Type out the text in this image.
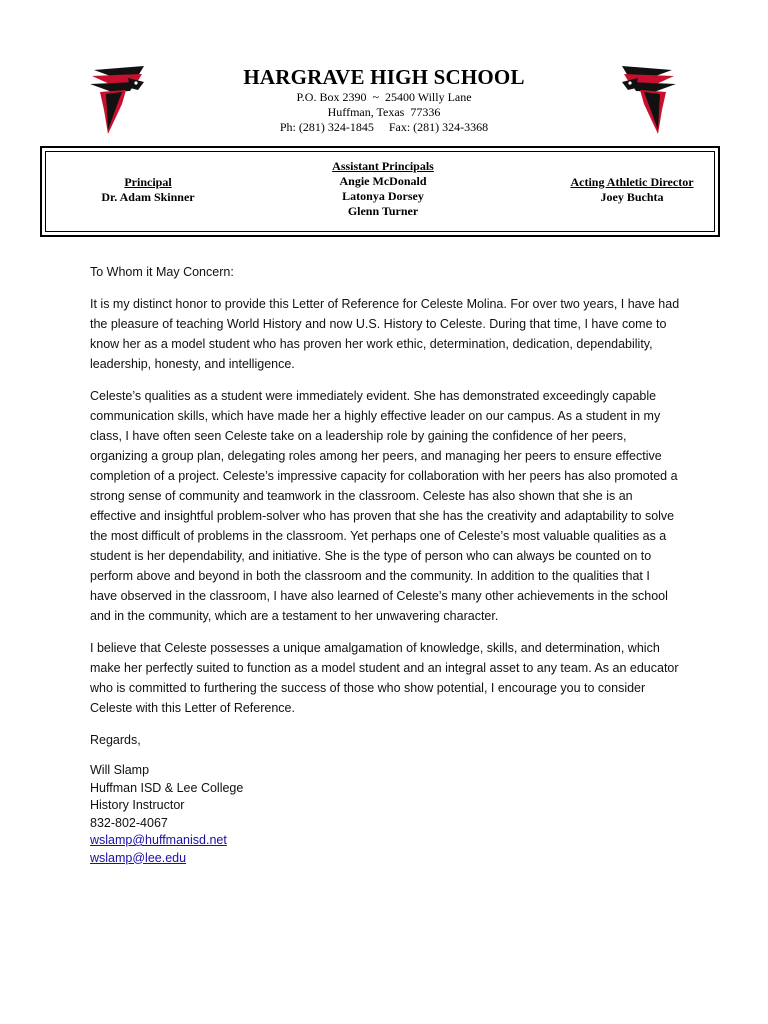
HARGRAVE HIGH SCHOOL
P.O. Box 2390  ~  25400 Willy Lane
Huffman, Texas  77336
Ph: (281) 324-1845     Fax: (281) 324-3368
Principal
Dr. Adam Skinner
Assistant Principals
Angie McDonald
Latonya Dorsey
Glenn Turner
Acting Athletic Director
Joey Buchta

To Whom it May Concern:

It is my distinct honor to provide this Letter of Reference for Celeste Molina. For over two years, I have had the pleasure of teaching World History and now U.S. History to Celeste. During that time, I have come to know her as a model student who has proven her work ethic, determination, dedication, dependability, leadership, honesty, and intelligence.

Celeste’s qualities as a student were immediately evident. She has demonstrated exceedingly capable communication skills, which have made her a highly effective leader on our campus. As a student in my class, I have often seen Celeste take on a leadership role by gaining the confidence of her peers, organizing a group plan, delegating roles among her peers, and managing her peers to ensure effective completion of a project. Celeste’s impressive capacity for collaboration with her peers has also promoted a strong sense of community and teamwork in the classroom. Celeste has also shown that she is an effective and insightful problem-solver who has proven that she has the creativity and adaptability to solve the most difficult of problems in the classroom. Yet perhaps one of Celeste’s most valuable qualities as a student is her dependability, and initiative. She is the type of person who can always be counted on to perform above and beyond in both the classroom and the community. In addition to the qualities that I have observed in the classroom, I have also learned of Celeste’s many other achievements in the school and in the community, which are a testament to her unwavering character.

I believe that Celeste possesses a unique amalgamation of knowledge, skills, and determination, which make her perfectly suited to function as a model student and an integral asset to any team. As an educator who is committed to furthering the success of those who show potential, I encourage you to consider Celeste with this Letter of Reference.

Regards,

Will Slamp
Huffman ISD & Lee College
History Instructor
832-802-4067
wslamp@huffmanisd.net
wslamp@lee.edu
